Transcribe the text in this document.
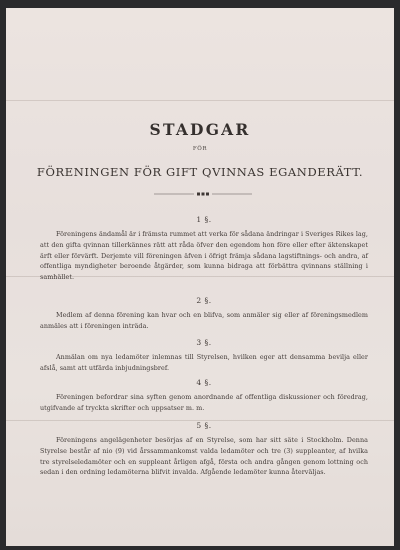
STADGAR
FÖR
FÖRENINGEN FÖR GIFT QVINNAS EGANDERÄTT.
1 §.
Föreningens ändamål är i främsta rummet att verka för sådana ändringar i Sveriges Rikes lag, att den gifta qvinnan tillerkännes rätt att råda öfver den egendom hon före eller efter äktenskapet ärft eller förvärft. Derjemte vill föreningen äfven i öfrigt främja sådana lagstiftnings- och andra, af offentliga myndigheter beroende åtgärder, som kunna bidraga att förbättra qvinnans ställning i samhället.
2 §.
Medlem af denna förening kan hvar och en blifva, som anmäler sig eller af föreningsmedlem anmäles att i föreningen inträda.
3 §.
Anmälan om nya ledamöter inlemnas till Styrelsen, hvilken eger att densamma bevilja eller afslå, samt att utfärda inbjudningsbref.
4 §.
Föreningen befordrar sina syften genom anordnande af offentliga diskussioner och föredrag, utgifvande af tryckta skrifter och uppsatser m. m.
5 §.
Föreningens angelägenheter besörjas af en Styrelse, som har sitt säte i Stockholm. Denna Styrelse består af nio (9) vid årssammankomst valda ledamöter och tre (3) suppleanter, af hvilka tre styrelseledamöter och en suppleant årligen afgå, första och andra gången genom lottning och sedan i den ordning ledamöterna blifvit invalda. Afgående ledamöter kunna återväljas.
